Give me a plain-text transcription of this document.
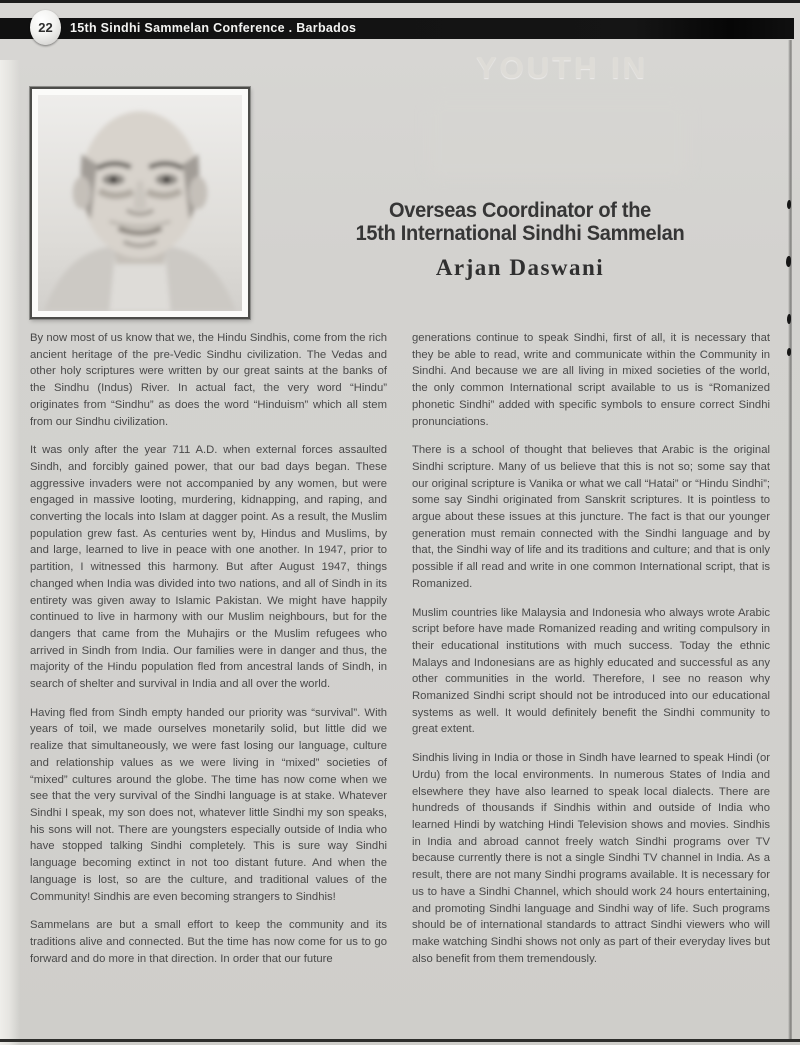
YOUTH IN
22 15th Sindhi Sammelan Conference . Barbados
Overseas Coordinator of the
15th International Sindhi Sammelan
Arjan Daswani

By now most of us know that we, the Hindu Sindhis, come from the rich ancient heritage of the pre-Vedic Sindhu civilization. The Vedas and other holy scriptures were written by our great saints at the banks of the Sindhu (Indus) River. In actual fact, the very word “Hindu” originates from “Sindhu” as does the word “Hinduism” which all stem from our Sindhu civilization.

It was only after the year 711 A.D. when external forces assaulted Sindh, and forcibly gained power, that our bad days began. These aggressive invaders were not accompanied by any women, but were engaged in massive looting, murdering, kidnapping, and raping, and converting the locals into Islam at dagger point. As a result, the Muslim population grew fast. As centuries went by, Hindus and Muslims, by and large, learned to live in peace with one another. In 1947, prior to partition, I witnessed this harmony. But after August 1947, things changed when India was divided into two nations, and all of Sindh in its entirety was given away to Islamic Pakistan. We might have happily continued to live in harmony with our Muslim neighbours, but for the dangers that came from the Muhajirs or the Muslim refugees who arrived in Sindh from India. Our families were in danger and thus, the majority of the Hindu population fled from ancestral lands of Sindh, in search of shelter and survival in India and all over the world.

Having fled from Sindh empty handed our priority was “survival”. With years of toil, we made ourselves monetarily solid, but little did we realize that simultaneously, we were fast losing our language, culture and relationship values as we were living in “mixed” societies of “mixed” cultures around the globe. The time has now come when we see that the very survival of the Sindhi language is at stake. Whatever Sindhi I speak, my son does not, whatever little Sindhi my son speaks, his sons will not. There are youngsters especially outside of India who have stopped talking Sindhi completely. This is sure way Sindhi language becoming extinct in not too distant future. And when the language is lost, so are the culture, and traditional values of the Community! Sindhis are even becoming strangers to Sindhis!

Sammelans are but a small effort to keep the community and its traditions alive and connected. But the time has now come for us to go forward and do more in that direction. In order that our future

generations continue to speak Sindhi, first of all, it is necessary that they be able to read, write and communicate within the Community in Sindhi. And because we are all living in mixed societies of the world, the only common International script available to us is “Romanized phonetic Sindhi” added with specific symbols to ensure correct Sindhi pronunciations.

There is a school of thought that believes that Arabic is the original Sindhi scripture. Many of us believe that this is not so; some say that our original scripture is Vanika or what we call “Hatai” or “Hindu Sindhi”; some say Sindhi originated from Sanskrit scriptures. It is pointless to argue about these issues at this juncture. The fact is that our younger generation must remain connected with the Sindhi language and by that, the Sindhi way of life and its traditions and culture; and that is only possible if all read and write in one common International script, that is Romanized.

Muslim countries like Malaysia and Indonesia who always wrote Arabic script before have made Romanized reading and writing compulsory in their educational institutions with much success. Today the ethnic Malays and Indonesians are as highly educated and successful as any other communities in the world. Therefore, I see no reason why Romanized Sindhi script should not be introduced into our educational systems as well. It would definitely benefit the Sindhi community to great extent.

Sindhis living in India or those in Sindh have learned to speak Hindi (or Urdu) from the local environments. In numerous States of India and elsewhere they have also learned to speak local dialects. There are hundreds of thousands if Sindhis within and outside of India who learned Hindi by watching Hindi Television shows and movies. Sindhis in India and abroad cannot freely watch Sindhi programs over TV because currently there is not a single Sindhi TV channel in India. As a result, there are not many Sindhi programs available. It is necessary for us to have a Sindhi Channel, which should work 24 hours entertaining, and promoting Sindhi language and Sindhi way of life. Such programs should be of international standards to attract Sindhi viewers who will make watching Sindhi shows not only as part of their everyday lives but also benefit from them tremendously.
